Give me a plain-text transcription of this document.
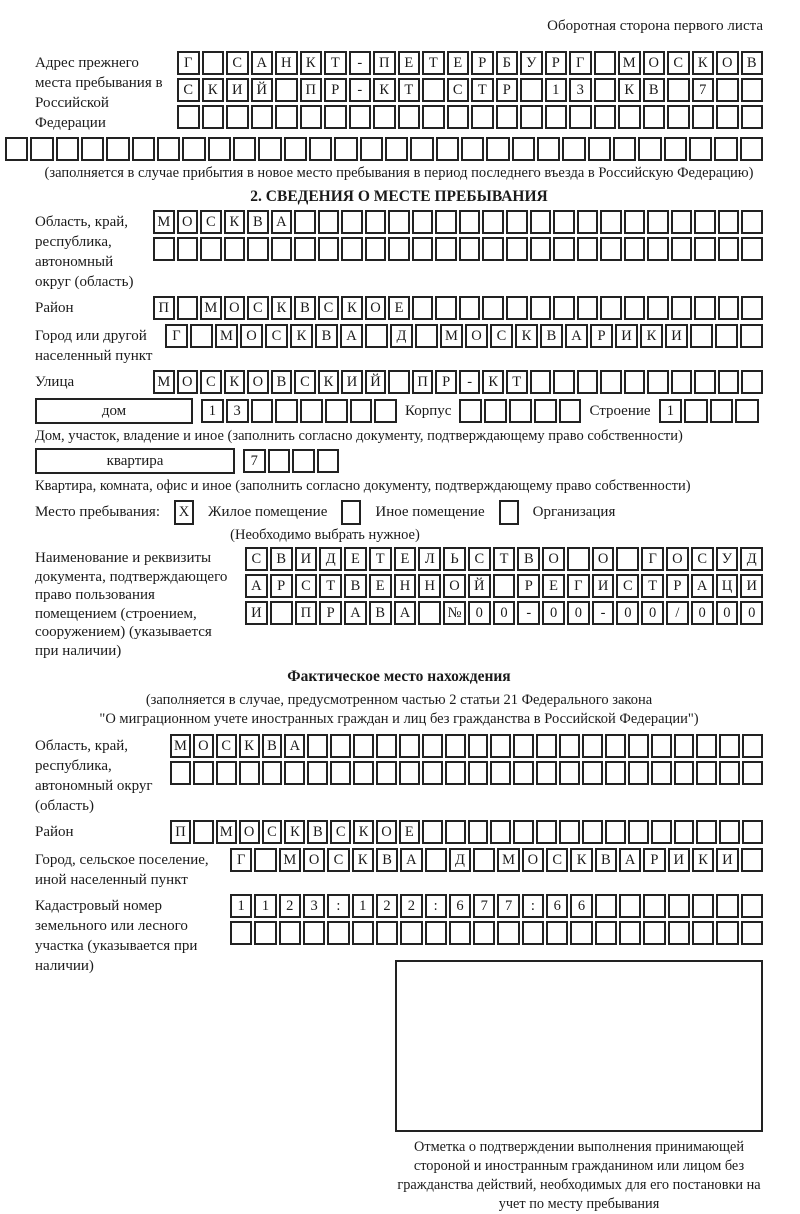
Оборотная сторона первого листа
Адрес прежнего места пребывания в Российской Федерации
Г	С А Н К	Т	-	П	Е	Т	Е	Р	Б	У	Р	Г	М О С	К О В
С	К И Й	П	Р	-	К	Т	С	Т	Р	1	3	К	В	7
(заполняется в случае прибытия в новое место пребывания в период последнего въезда в Российскую Федерацию)
2. СВЕДЕНИЯ О МЕСТЕ ПРЕБЫВАНИЯ
Область, край, республика, автономный округ (область)
М О С К В А
Район	П	М О С К В С К О Е
Город или другой населенный пункт
Г	М О	С	К	В	А	Д	М О	С	К	В	А	Р	И	К	И
Улица	М О С К О В С К И Й	П Р	-	К Т
дом	1	3	Корпус	Строение	1
Дом, участок, владение и иное (заполнить согласно документу, подтверждающему право собственности)
квартира	7
Квартира, комната, офис и иное (заполнить согласно документу, подтверждающему право собственности)
Место пребывания:	X	Жилое помещение	Иное помещение	Организация
(Необходимо выбрать нужное)
Наименование и реквизиты документа, подтверждающего право пользования помещением (строением, сооружением) (указывается при наличии)
С	В	И	Д	Е	Т	Е	Л	Ь	С	Т	В	О	О	Г	О	С	У	Д
А	Р	С	Т	В	Е	Н Н О Й	Р	Е	Г	И	С	Т	Р	А Ц И
И	П	Р	А	В	А	№ 0	0	-	0	0	-	0	0	/	0	0	0
Фактическое место нахождения
(заполняется в случае, предусмотренном частью 2 статьи 21 Федерального закона
"О миграционном учете иностранных граждан и лиц без гражданства в Российской Федерации")
Область, край, республика, автономный округ (область)
М О С К В А
Район	П	М О С К В С К О Е
Город, сельское поселение, иной населенный пункт
Г	М О С	К	В А	Д	М О С	К	В А	Р	И К И
Кадастровый номер земельного или лесного участка (указывается при наличии)
1	1	2	3	:	1	2	2	:	6	7	7	:	6	6
Отметка о подтверждении выполнения принимающей стороной и иностранным гражданином или лицом без гражданства действий, необходимых для его постановки на учет по месту пребывания
